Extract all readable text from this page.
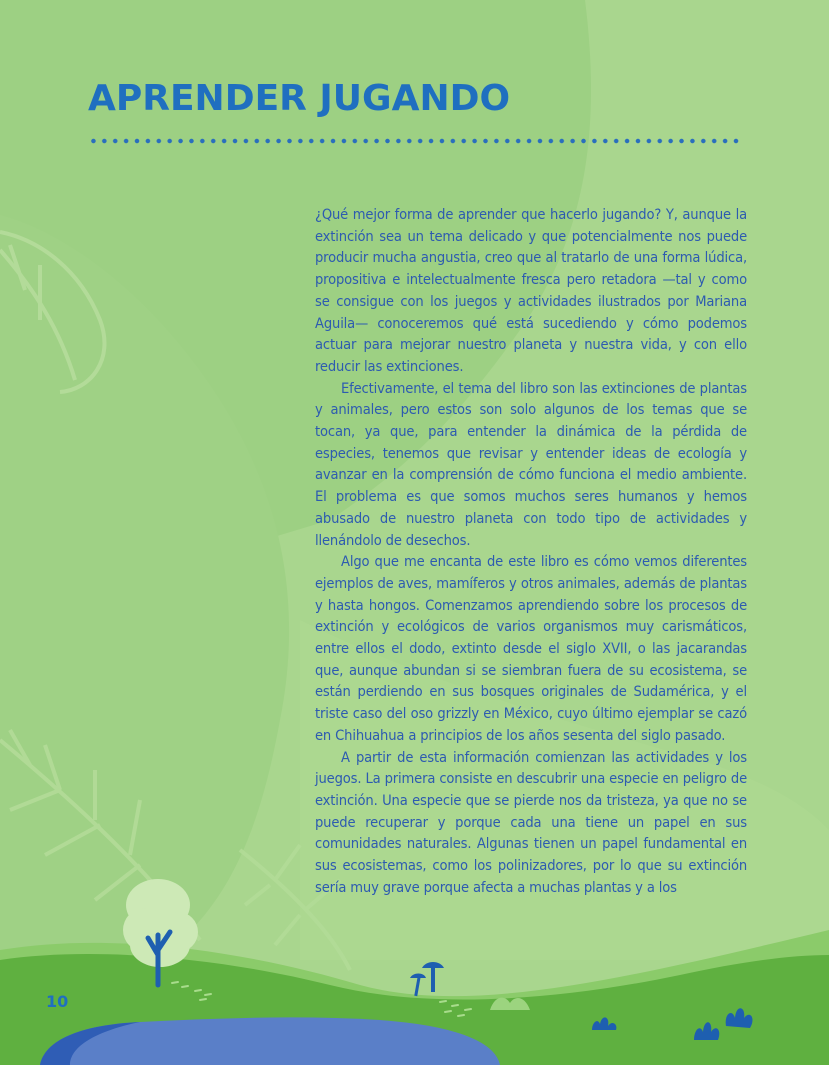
APRENDER JUGANDO

¿Qué mejor forma de aprender que hacerlo jugando? Y, aunque la extinción sea un tema delicado y que potencialmente nos puede producir mucha angustia, creo que al tratarlo de una forma lúdica, propositiva e intelectualmente fresca pero retadora —tal y como se consigue con los juegos y actividades ilustrados por Mariana Aguila— conoceremos qué está sucediendo y cómo podemos actuar para mejorar nuestro planeta y nuestra vida, y con ello reducir las extinciones.

Efectivamente, el tema del libro son las extinciones de plantas y animales, pero estos son solo algunos de los temas que se tocan, ya que, para entender la dinámica de la pérdida de especies, tenemos que revisar y entender ideas de ecología y avanzar en la comprensión de cómo funciona el medio ambiente. El problema es que somos muchos seres humanos y hemos abusado de nuestro planeta con todo tipo de actividades y llenándolo de desechos.

Algo que me encanta de este libro es cómo vemos diferentes ejemplos de aves, mamíferos y otros animales, además de plantas y hasta hongos. Comenzamos aprendiendo sobre los procesos de extinción y ecológicos de varios organismos muy carismáticos, entre ellos el dodo, extinto desde el siglo XVII, o las jacarandas que, aunque abundan si se siembran fuera de su ecosistema, se están perdiendo en sus bosques originales de Sudamérica, y el triste caso del oso grizzly en México, cuyo último ejemplar se cazó en Chihuahua a principios de los años sesenta del siglo pasado.

A partir de esta información comienzan las actividades y los juegos. La primera consiste en descubrir una especie en peligro de extinción. Una especie que se pierde nos da tristeza, ya que no se puede recuperar y porque cada una tiene un papel en sus comunidades naturales. Algunas tienen un papel fundamental en sus ecosistemas, como los polinizadores, por lo que su extinción sería muy grave porque afecta a muchas plantas y a los

10
